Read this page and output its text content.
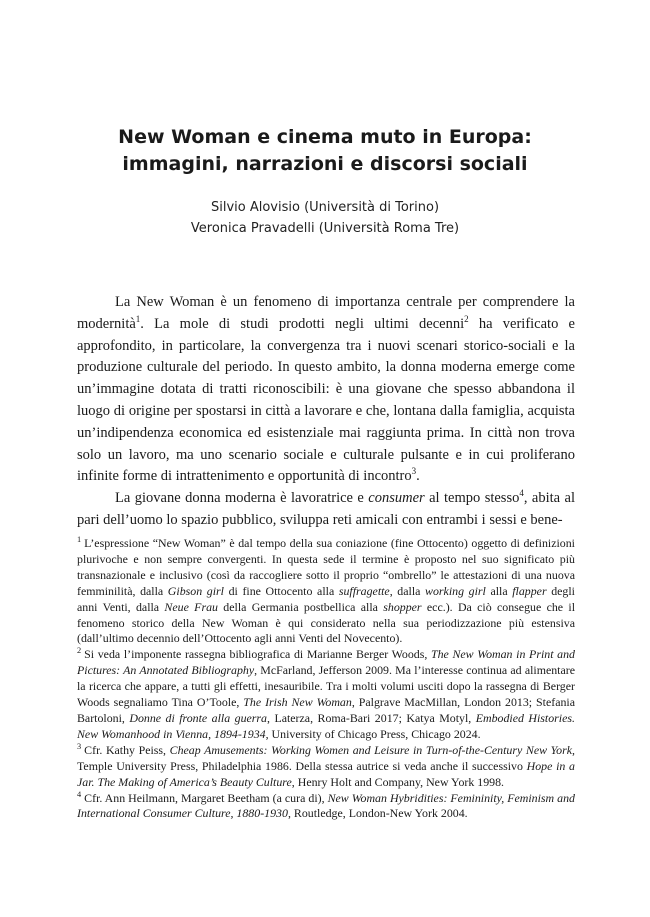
New Woman e cinema muto in Europa:
immagini, narrazioni e discorsi sociali
Silvio Alovisio (Università di Torino)
Veronica Pravadelli (Università Roma Tre)

La New Woman è un fenomeno di importanza centrale per comprendere la modernità$^1$. La mole di studi prodotti negli ultimi decenni$^2$ ha verificato e approfondito, in particolare, la convergenza tra i nuovi scenari storico-sociali e la produzione culturale del periodo. In questo ambito, la donna moderna emerge come un’immagine dotata di tratti riconoscibili: è una giovane che spesso abbandona il luogo di origine per spostarsi in città a lavorare e che, lontana dalla famiglia, acquista un’indipendenza economica ed esistenziale mai raggiunta prima. In città non trova solo un lavoro, ma uno scenario sociale e culturale pulsante e in cui proliferano infinite forme di intrattenimento e opportunità di incontro$^3$.

La giovane donna moderna è lavoratrice e consumer al tempo stesso$^4$, abita al pari dell’uomo lo spazio pubblico, sviluppa reti amicali con entrambi i sessi e bene-

$^1$ L’espressione “New Woman” è dal tempo della sua coniazione (fine Ottocento) oggetto di definizioni plurivoche e non sempre convergenti. In questa sede il termine è proposto nel suo significato più transnazionale e inclusivo (così da raccogliere sotto il proprio “ombrello” le attestazioni di una nuova femminilità, dalla Gibson girl di fine Ottocento alla suffragette, dalla working girl alla flapper degli anni Venti, dalla Neue Frau della Germania postbellica alla shopper ecc.). Da ciò consegue che il fenomeno storico della New Woman è qui considerato nella sua periodizzazione più estensiva (dall’ultimo decennio dell’Ottocento agli anni Venti del Novecento).

$^2$ Si veda l’imponente rassegna bibliografica di Marianne Berger Woods, The New Woman in Print and Pictures: An Annotated Bibliography, McFarland, Jefferson 2009. Ma l’interesse continua ad alimentare la ricerca che appare, a tutti gli effetti, inesauribile. Tra i molti volumi usciti dopo la rassegna di Berger Woods segnaliamo Tina O’Toole, The Irish New Woman, Palgrave MacMillan, London 2013; Stefania Bartoloni, Donne di fronte alla guerra, Laterza, Roma-Bari 2017; Katya Motyl, Embodied Histories. New Womanhood in Vienna, 1894-1934, University of Chicago Press, Chicago 2024.

$^3$ Cfr. Kathy Peiss, Cheap Amusements: Working Women and Leisure in Turn-of-the-Century New York, Temple University Press, Philadelphia 1986. Della stessa autrice si veda anche il successivo Hope in a Jar. The Making of America’s Beauty Culture, Henry Holt and Company, New York 1998.

$^4$ Cfr. Ann Heilmann, Margaret Beetham (a cura di), New Woman Hybridities: Femininity, Feminism and International Consumer Culture, 1880-1930, Routledge, London-New York 2004.
